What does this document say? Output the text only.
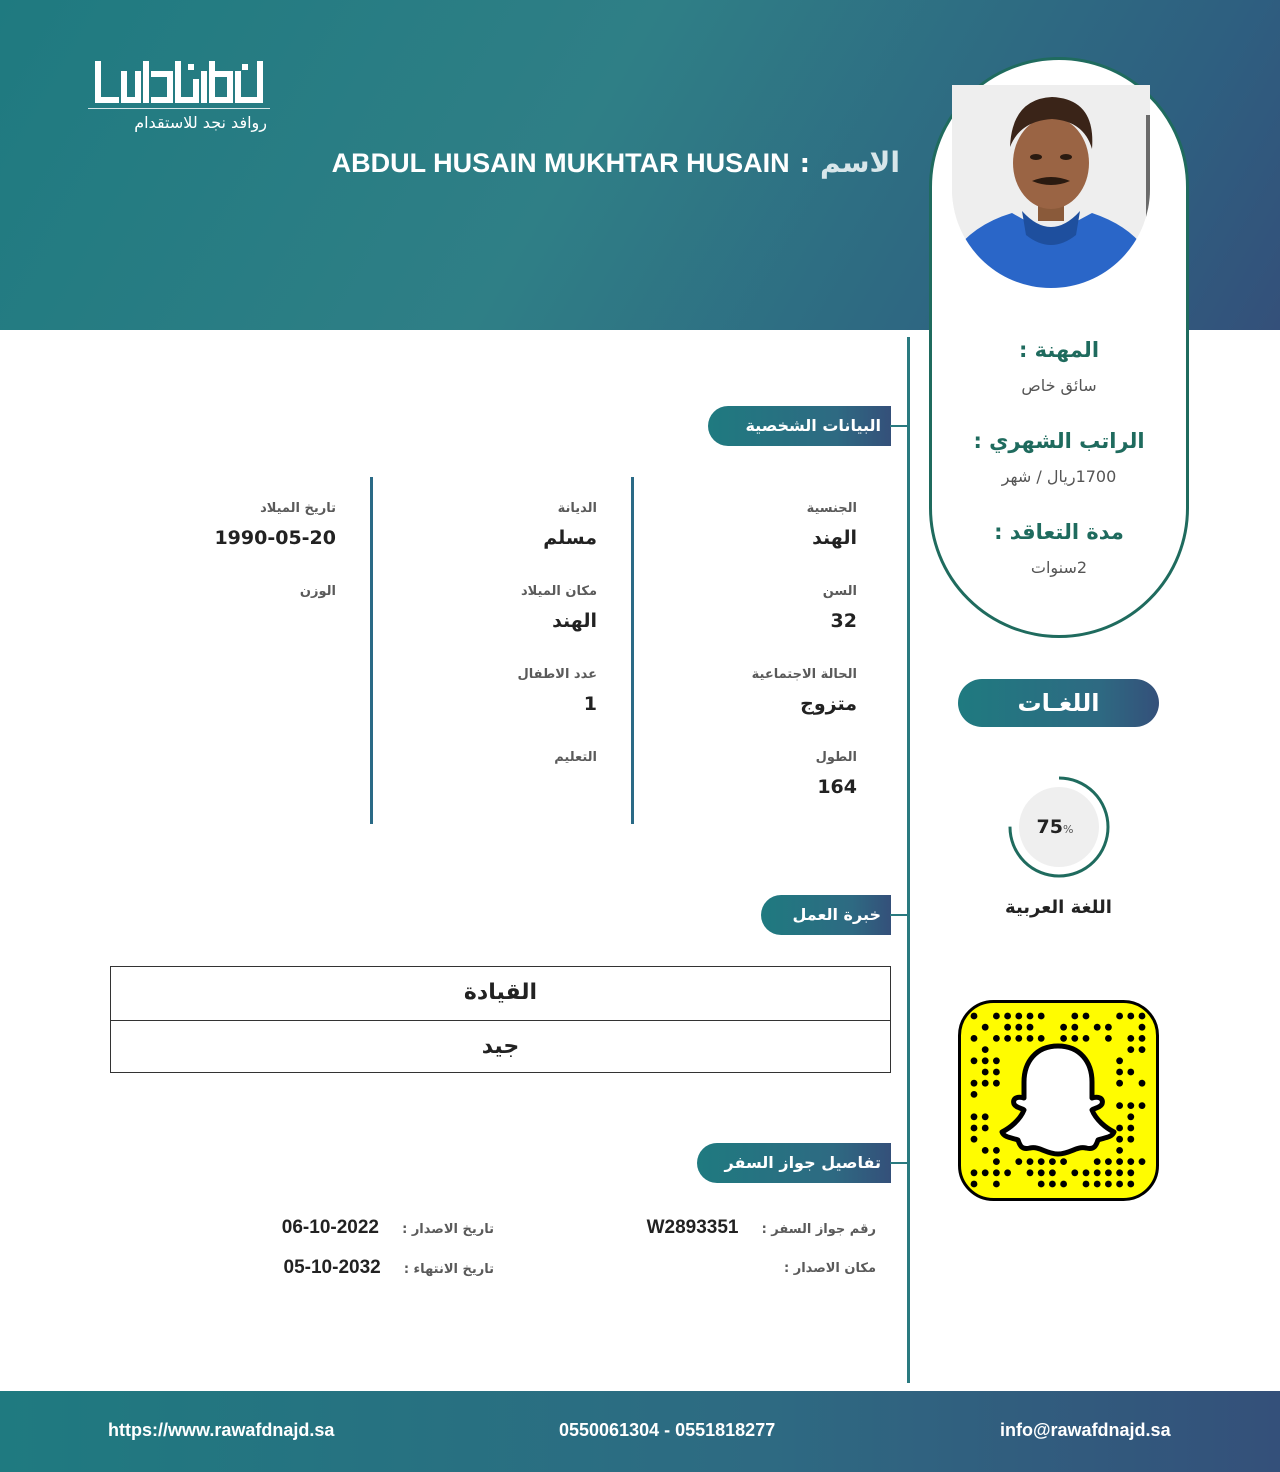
روافد نجد للاستقدام
الاسم:ABDUL HUSAIN MUKHTAR HUSAIN
المهنة :
سائق خاص
الراتب الشهري :
1700ريال / شهر
مدة التعاقد :
2سنوات
اللغـات
75%
اللغة العربية
البيانات الشخصية
الجنسية
الهند
السن
32
الحالة الاجتماعية
متزوج
الطول
164
الديانة
مسلم
مكان الميلاد
الهند
عدد الاطفال
1
التعليم
تاريخ الميلاد
1990-05-20
الوزن
خبرة العمل
القيادة
جيد
تفاصيل جواز السفر
رقم جواز السفر : W2893351
مكان الاصدار :
تاريخ الاصدار : 2022-10-06
تاريخ الانتهاء : 2032-10-05
https://www.rawafdnajd.sa	0550061304 - 0551818277	info@rawafdnajd.sa
